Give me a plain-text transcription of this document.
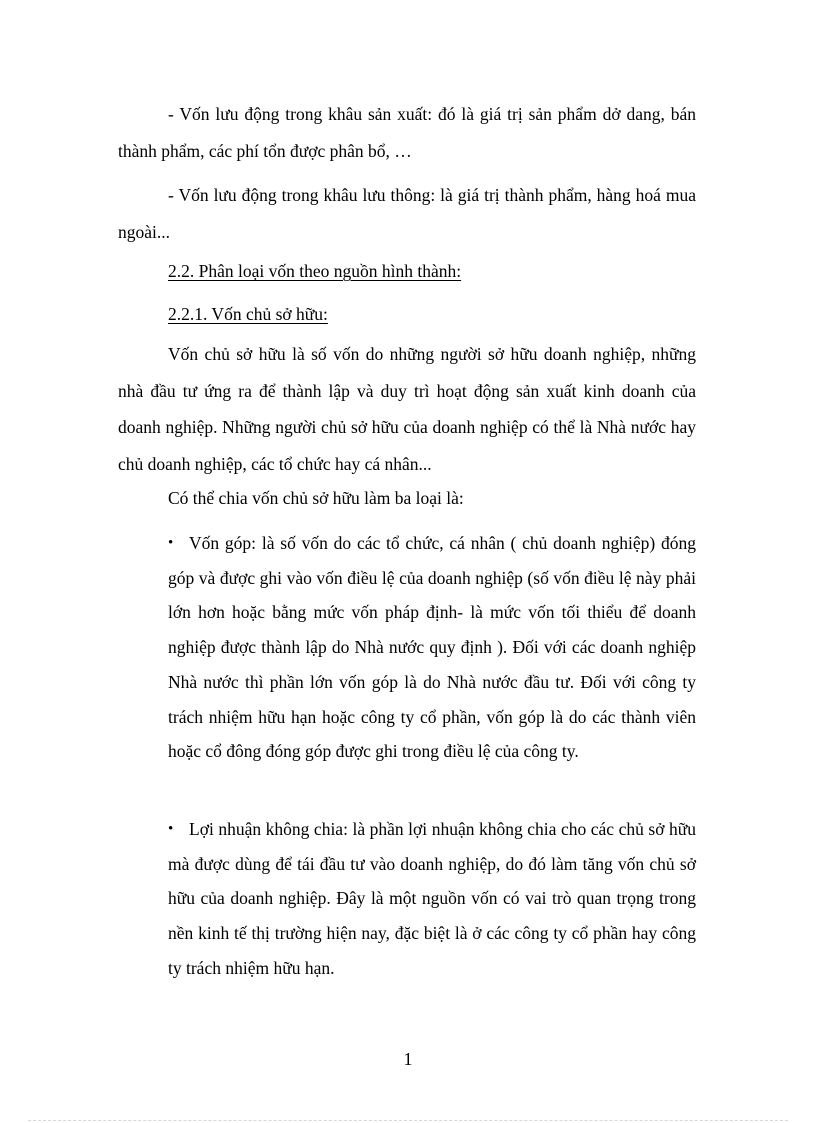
- Vốn lưu động trong khâu sản xuất: đó là giá trị sản phẩm dở dang, bán thành phẩm, các phí tổn được phân bổ, …

- Vốn lưu động trong khâu lưu thông: là giá trị thành phẩm, hàng hoá mua ngoài...

2.2. Phân loại vốn theo nguồn hình thành:

2.2.1. Vốn chủ sở hữu:

Vốn chủ sở hữu là số vốn do những người sở hữu doanh nghiệp, những nhà đầu tư ứng ra để thành lập và duy trì hoạt động sản xuất kinh doanh của doanh nghiệp. Những người chủ sở hữu của doanh nghiệp có thể là Nhà nước hay chủ doanh nghiệp, các tổ chức hay cá nhân...

Có thể chia vốn chủ sở hữu làm ba loại là:

• Vốn góp: là số vốn do các tổ chức, cá nhân ( chủ doanh nghiệp) đóng góp và được ghi vào vốn điều lệ của doanh nghiệp (số vốn điều lệ này phải lớn hơn hoặc bằng mức vốn pháp định- là mức vốn tối thiểu để doanh nghiệp được thành lập do Nhà nước quy định ). Đối với các doanh nghiệp Nhà nước thì phần lớn vốn góp là do Nhà nước đầu tư. Đối với công ty trách nhiệm hữu hạn hoặc công ty cổ phần, vốn góp là do các thành viên hoặc cổ đông đóng góp được ghi trong điều lệ của công ty.
• Lợi nhuận không chia: là phần lợi nhuận không chia cho các chủ sở hữu mà được dùng để tái đầu tư vào doanh nghiệp, do đó làm tăng vốn chủ sở hữu của doanh nghiệp. Đây là một nguồn vốn có vai trò quan trọng trong nền kinh tế thị trường hiện nay, đặc biệt là ở các công ty cổ phần hay công ty trách nhiệm hữu hạn.

1
